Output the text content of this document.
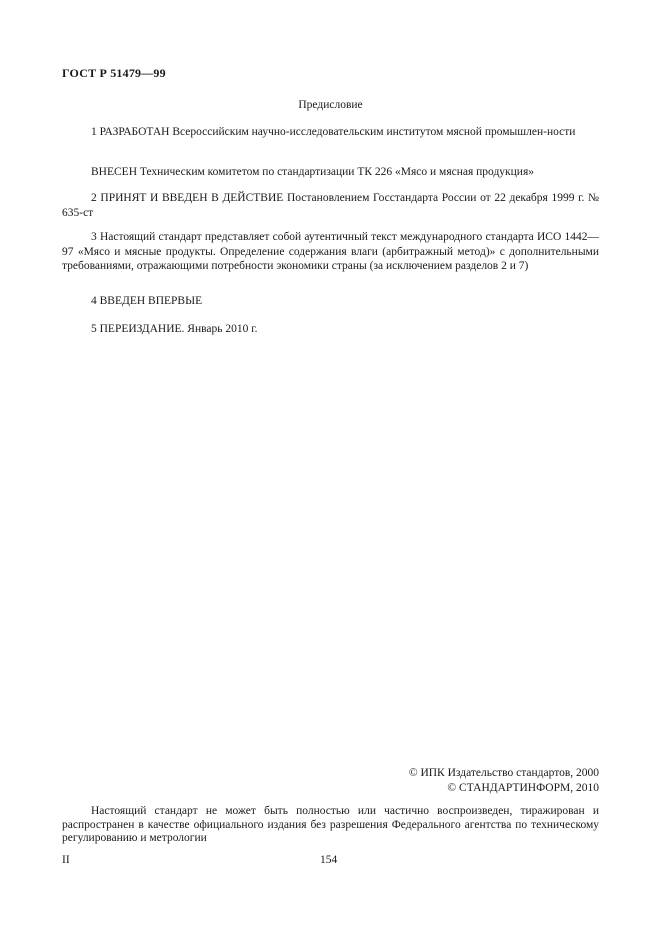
ГОСТ Р 51479—99
Предисловие
1 РАЗРАБОТАН Всероссийским научно-исследовательским институтом мясной промышлен-ности
ВНЕСЕН Техническим комитетом по стандартизации ТК 226 «Мясо и мясная продукция»
2 ПРИНЯТ И ВВЕДЕН В ДЕЙСТВИЕ Постановлением Госстандарта России от 22 декабря 1999 г. № 635-ст
3 Настоящий стандарт представляет собой аутентичный текст международного стандарта ИСО 1442—97 «Мясо и мясные продукты. Определение содержания влаги (арбитражный метод)» с дополнительными требованиями, отражающими потребности экономики страны (за исключением разделов 2 и 7)
4 ВВЕДЕН ВПЕРВЫЕ
5 ПЕРЕИЗДАНИЕ. Январь 2010 г.
© ИПК Издательство стандартов, 2000
© СТАНДАРТИНФОРМ, 2010
Настоящий стандарт не может быть полностью или частично воспроизведен, тиражирован и распространен в качестве официального издания без разрешения Федерального агентства по техническому регулированию и метрологии
II	154
